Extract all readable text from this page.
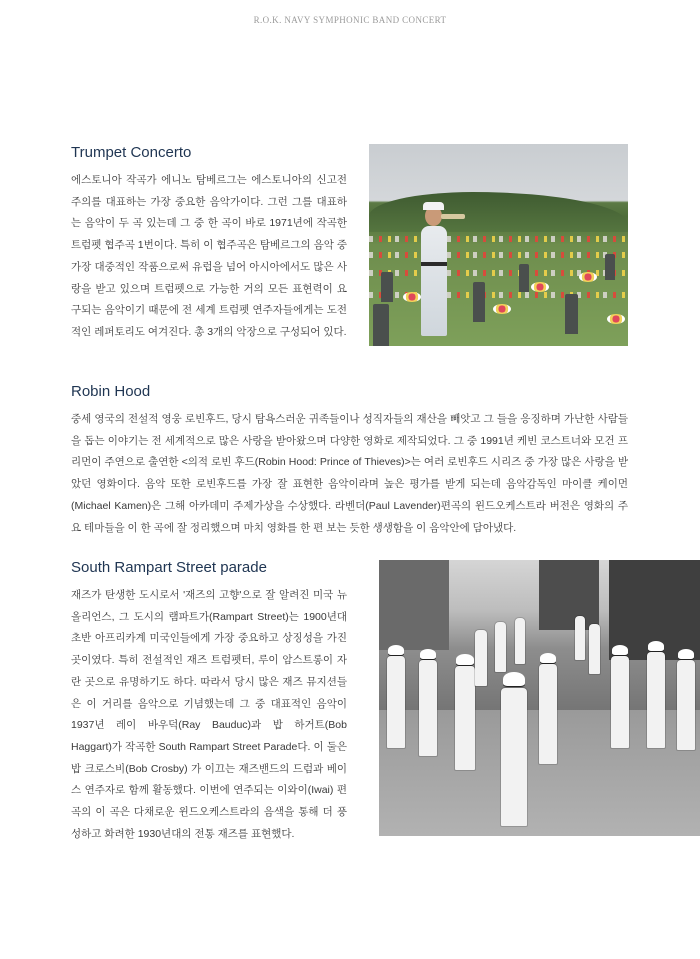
R.O.K. NAVY SYMPHONIC BAND CONCERT
Trumpet Concerto

에스토니아 작곡가 에니노 탐베르그는 에스토니아의 신고전주의를 대표하는 가장 중요한 음악가이다. 그런 그를 대표하는 음악이 두 곡 있는데 그 중 한 곡이 바로 1971년에 작곡한 트럼펫 협주곡 1번이다. 특히 이 협주곡은 탐베르그의 음악 중 가장 대중적인 작품으로써 유럽을 넘어 아시아에서도 많은 사랑을 받고 있으며 트럼펫으로 가능한 거의 모든 표현력이 요구되는 음악이기 때문에 전 세계 트럼펫 연주자들에게는 도전적인 레퍼토리도 여겨진다. 총 3개의 악장으로 구성되어 있다.

Robin Hood

중세 영국의 전설적 영웅 로빈후드, 당시 탐욕스러운 귀족들이나 성직자들의 재산을 빼앗고 그 들을 응징하며 가난한 사람들을 돕는 이야기는 전 세계적으로 많은 사랑을 받아왔으며 다양한 영화로 제작되었다. 그 중 1991년 케빈 코스트너와 모건 프리먼이 주연으로 출연한 <의적 로빈 후드(Robin Hood: Prince of Thieves)>는 여러 로빈후드 시리즈 중 가장 많은 사랑을 받았던 영화이다. 음악 또한 로빈후드를 가장 잘 표현한 음악이라며 높은 평가를 받게 되는데 음악감독인 마이클 케이먼(Michael Kamen)은 그해 아카데미 주제가상을 수상했다. 라벤더(Paul Lavender)편곡의 윈드오케스트라 버전은 영화의 주요 테마들을 이 한 곡에 잘 정리했으며 마치 영화를 한 편 보는 듯한 생생함을 이 음악안에 담아냈다.

South Rampart Street parade

재즈가 탄생한 도시로서 '재즈의 고향'으로 잘 알려진 미국 뉴올리언스, 그 도시의 램파트가(Rampart Street)는 1900년대 초반 아프리카계 미국인들에게 가장 중요하고 상징성을 가진 곳이였다. 특히 전설적인 재즈 트럼펫터, 루이 암스트롱이 자란 곳으로 유명하기도 하다. 따라서 당시 많은 재즈 뮤지션들은 이 거리를 음악으로 기념했는데 그 중 대표적인 음악이 1937년 레이 바우덕(Ray Bauduc)과 밥 하거트(Bob Haggart)가 작곡한 South Rampart Street Parade다. 이 둘은 밥 크로스비(Bob Crosby) 가 이끄는 재즈밴드의 드럼과 베이스 연주자로 함께 활동했다. 이번에 연주되는 이와이(Iwai) 편곡의 이 곡은 다채로운 윈드오케스트라의 음색을 통해 더 풍성하고 화려한 1930년대의 전통 재즈를 표현했다.
